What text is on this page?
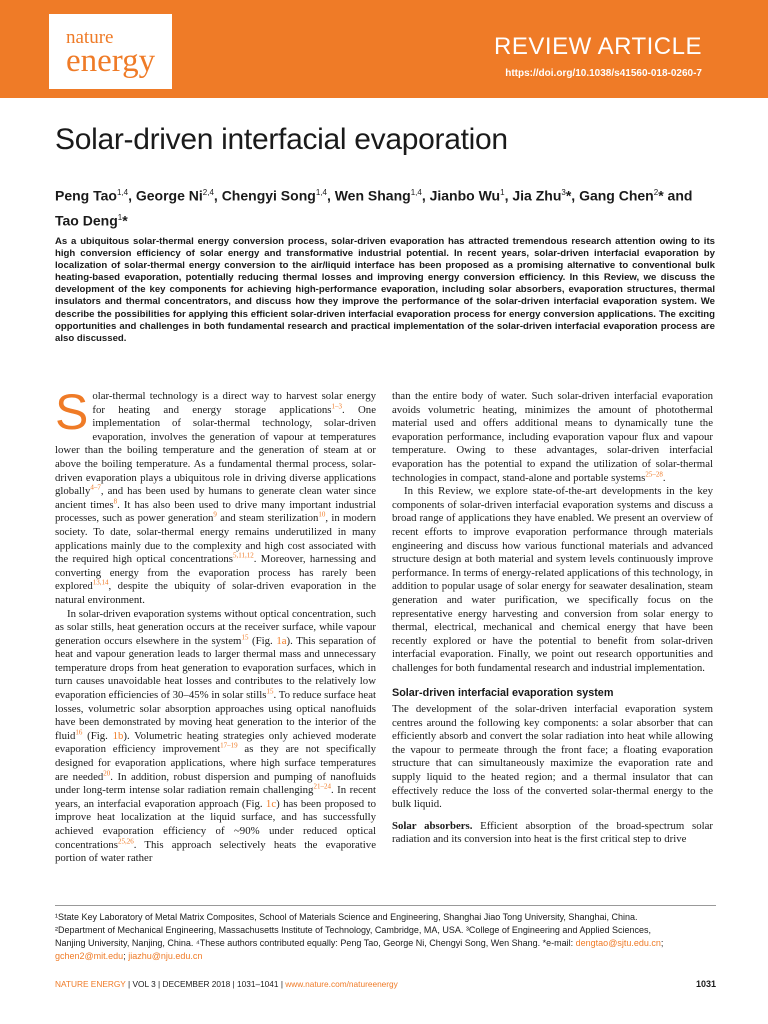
nature
energy	REVIEW ARTICLE
https://doi.org/10.1038/s41560-018-0260-7
Solar-driven interfacial evaporation
Peng Tao$^{1,4}$, George Ni$^{2,4}$, Chengyi Song$^{1,4}$, Wen Shang$^{1,4}$, Jianbo Wu$^1$, Jia Zhu$^3$*, Gang Chen$^2$* and Tao Deng$^1$*

As a ubiquitous solar-thermal energy conversion process, solar-driven evaporation has attracted tremendous research attention owing to its high conversion efficiency of solar energy and transformative industrial potential. In recent years, solar-driven interfacial evaporation by localization of solar-thermal energy conversion to the air/liquid interface has been proposed as a promising alternative to conventional bulk heating-based evaporation, potentially reducing thermal losses and improving energy conversion efficiency. In this Review, we discuss the development of the key components for achieving high-performance evaporation, including solar absorbers, evaporation structures, thermal insulators and thermal concentrators, and discuss how they improve the performance of the solar-driven interfacial evaporation system. We describe the possibilities for applying this efficient solar-driven interfacial evaporation process for energy conversion applications. The exciting opportunities and challenges in both fundamental research and practical implementation of the solar-driven interfacial evaporation process are also discussed.

Solar-thermal technology is a direct way to harvest solar energy for heating and energy storage applications$^{1-3}$. One implementation of solar-thermal technology, solar-driven evaporation, involves the generation of vapour at temperatures lower than the boiling temperature and the generation of steam at or above the boiling temperature. As a fundamental thermal process, solar-driven evaporation plays a ubiquitous role in driving diverse applications globally$^{4-7}$, and has been used by humans to generate clean water since ancient times$^8$. It has also been used to drive many important industrial processes, such as power generation$^9$ and steam sterilization$^{10}$, in modern society. To date, solar-thermal energy remains underutilized in many applications mainly due to the complexity and high cost associated with the required high optical concentrations$^{5,11,12}$. Moreover, harnessing and converting energy from the evaporation process has rarely been explored$^{13,14}$, despite the ubiquity of solar-driven evaporation in the natural environment.

In solar-driven evaporation systems without optical concentration, such as solar stills, heat generation occurs at the receiver surface, while vapour generation occurs elsewhere in the system$^{15}$ (Fig. 1a). This separation of heat and vapour generation leads to larger thermal mass and unnecessary temperature drops from heat generation to evaporation surfaces, which in turn causes unavoidable heat losses and contributes to the relatively low evaporation efficiencies of 30–45% in solar stills$^{15}$. To reduce surface heat losses, volumetric solar absorption approaches using optical nanofluids have been demonstrated by moving heat generation to the interior of the fluid$^{16}$ (Fig. 1b). Volumetric heating strategies only achieved moderate evaporation efficiency improvement$^{17-19}$ as they are not specifically designed for evaporation applications, where high surface temperatures are needed$^{20}$. In addition, robust dispersion and pumping of nanofluids under long-term intense solar radiation remain challenging$^{21-24}$. In recent years, an interfacial evaporation approach (Fig. 1c) has been proposed to improve heat localization at the liquid surface, and has successfully achieved evaporation efficiency of ~90% under reduced optical concentrations$^{25,26}$. This approach selectively heats the evaporative portion of water rather

than the entire body of water. Such solar-driven interfacial evaporation avoids volumetric heating, minimizes the amount of photothermal material used and offers additional means to dynamically tune the evaporation performance, including evaporation vapour flux and vapour temperature. Owing to these advantages, solar-driven interfacial evaporation has the potential to expand the utilization of solar-thermal technologies in compact, stand-alone and portable systems$^{25-28}$.

In this Review, we explore state-of-the-art developments in the key components of solar-driven interfacial evaporation systems and discuss a broad range of applications they have enabled. We present an overview of recent efforts to improve evaporation performance through materials engineering and discuss how various functional materials and advanced structure design at both material and system levels continuously improve performance. In terms of energy-related applications of this technology, in addition to popular usage of solar energy for seawater desalination, steam generation and water purification, we specifically focus on the representative energy harvesting and conversion from solar energy to thermal, electrical, mechanical and chemical energy that have been recently explored or have the potential to benefit from solar-driven interfacial evaporation. Finally, we point out research opportunities and challenges for both fundamental research and industrial implementation.

Solar-driven interfacial evaporation system

The development of the solar-driven interfacial evaporation system centres around the following key components: a solar absorber that can efficiently absorb and convert the solar radiation into heat while allowing the vapour to permeate through the front face; a floating evaporation structure that can simultaneously maximize the evaporation rate and supply liquid to the heated region; and a thermal insulator that can effectively reduce the loss of the converted solar-thermal energy to the bulk liquid.

Solar absorbers. Efficient absorption of the broad-spectrum solar radiation and its conversion into heat is the first critical step to drive

¹State Key Laboratory of Metal Matrix Composites, School of Materials Science and Engineering, Shanghai Jiao Tong University, Shanghai, China.

²Department of Mechanical Engineering, Massachusetts Institute of Technology, Cambridge, MA, USA. ³College of Engineering and Applied Sciences,

Nanjing University, Nanjing, China. ⁴These authors contributed equally: Peng Tao, George Ni, Chengyi Song, Wen Shang. *e-mail: dengtao@sjtu.edu.cn;

gchen2@mit.edu; jiazhu@nju.edu.cn

NATURE ENERGY | VOL 3 | DECEMBER 2018 | 1031–1041 | www.nature.com/natureenergy	1031
